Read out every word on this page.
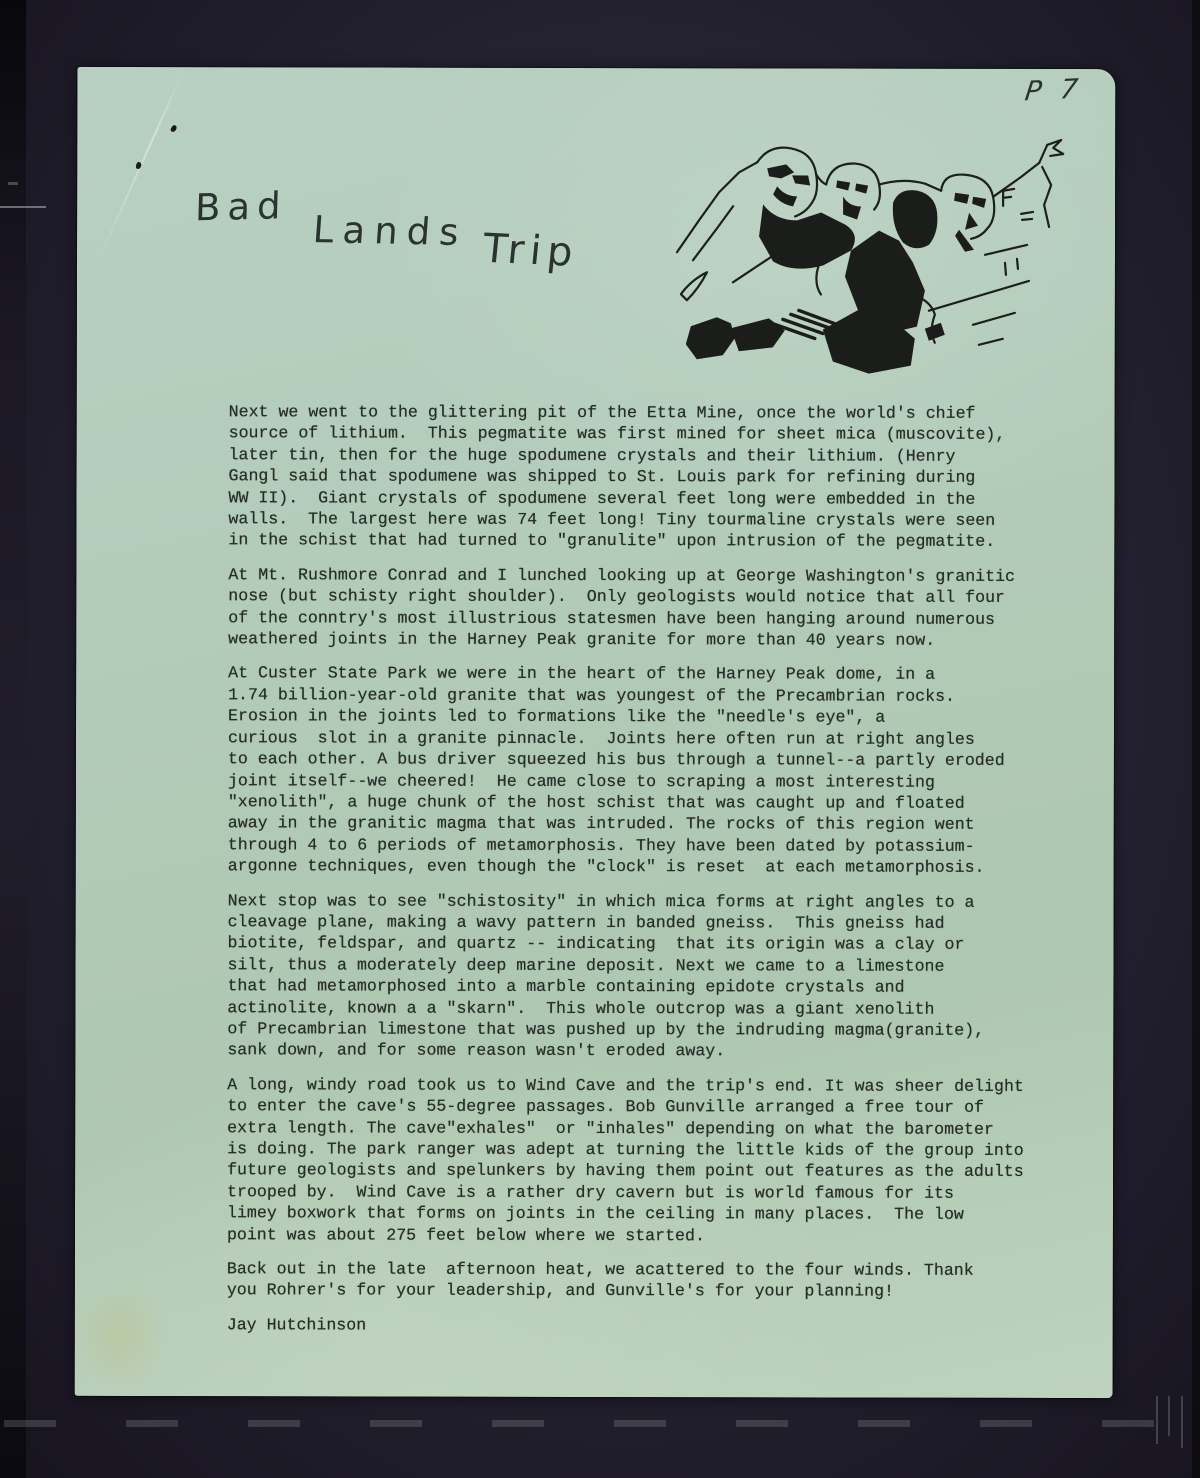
P 7
Bad
Lands Trip

Next we went to the glittering pit of the Etta Mine, once the world's chief
source of lithium.  This pegmatite was first mined for sheet mica (muscovite),
later tin, then for the huge spodumene crystals and their lithium. (Henry
Gangl said that spodumene was shipped to St. Louis park for refining during
WW II).  Giant crystals of spodumene several feet long were embedded in the
walls.  The largest here was 74 feet long! Tiny tourmaline crystals were seen
in the schist that had turned to "granulite" upon intrusion of the pegmatite.

At Mt. Rushmore Conrad and I lunched looking up at George Washington's granitic
nose (but schisty right shoulder).  Only geologists would notice that all four
of the conntry's most illustrious statesmen have been hanging around numerous
weathered joints in the Harney Peak granite for more than 40 years now.

At Custer State Park we were in the heart of the Harney Peak dome, in a
1.74 billion-year-old granite that was youngest of the Precambrian rocks.
Erosion in the joints led to formations like the "needle's eye", a
curious  slot in a granite pinnacle.  Joints here often run at right angles
to each other. A bus driver squeezed his bus through a tunnel--a partly eroded
joint itself--we cheered!  He came close to scraping a most interesting
"xenolith", a huge chunk of the host schist that was caught up and floated
away in the granitic magma that was intruded. The rocks of this region went
through 4 to 6 periods of metamorphosis. They have been dated by potassium-
argonne techniques, even though the "clock" is reset  at each metamorphosis.

Next stop was to see "schistosity" in which mica forms at right angles to a
cleavage plane, making a wavy pattern in banded gneiss.  This gneiss had
biotite, feldspar, and quartz -- indicating  that its origin was a clay or
silt, thus a moderately deep marine deposit. Next we came to a limestone
that had metamorphosed into a marble containing epidote crystals and
actinolite, known a a "skarn".  This whole outcrop was a giant xenolith
of Precambrian limestone that was pushed up by the indruding magma(granite),
sank down, and for some reason wasn't eroded away.

A long, windy road took us to Wind Cave and the trip's end. It was sheer delight
to enter the cave's 55-degree passages. Bob Gunville arranged a free tour of
extra length. The cave"exhales"  or "inhales" depending on what the barometer
is doing. The park ranger was adept at turning the little kids of the group into
future geologists and spelunkers by having them point out features as the adults
trooped by.  Wind Cave is a rather dry cavern but is world famous for its
limey boxwork that forms on joints in the ceiling in many places.  The low
point was about 275 feet below where we started.

Back out in the late  afternoon heat, we acattered to the four winds. Thank
you Rohrer's for your leadership, and Gunville's for your planning!

Jay Hutchinson
